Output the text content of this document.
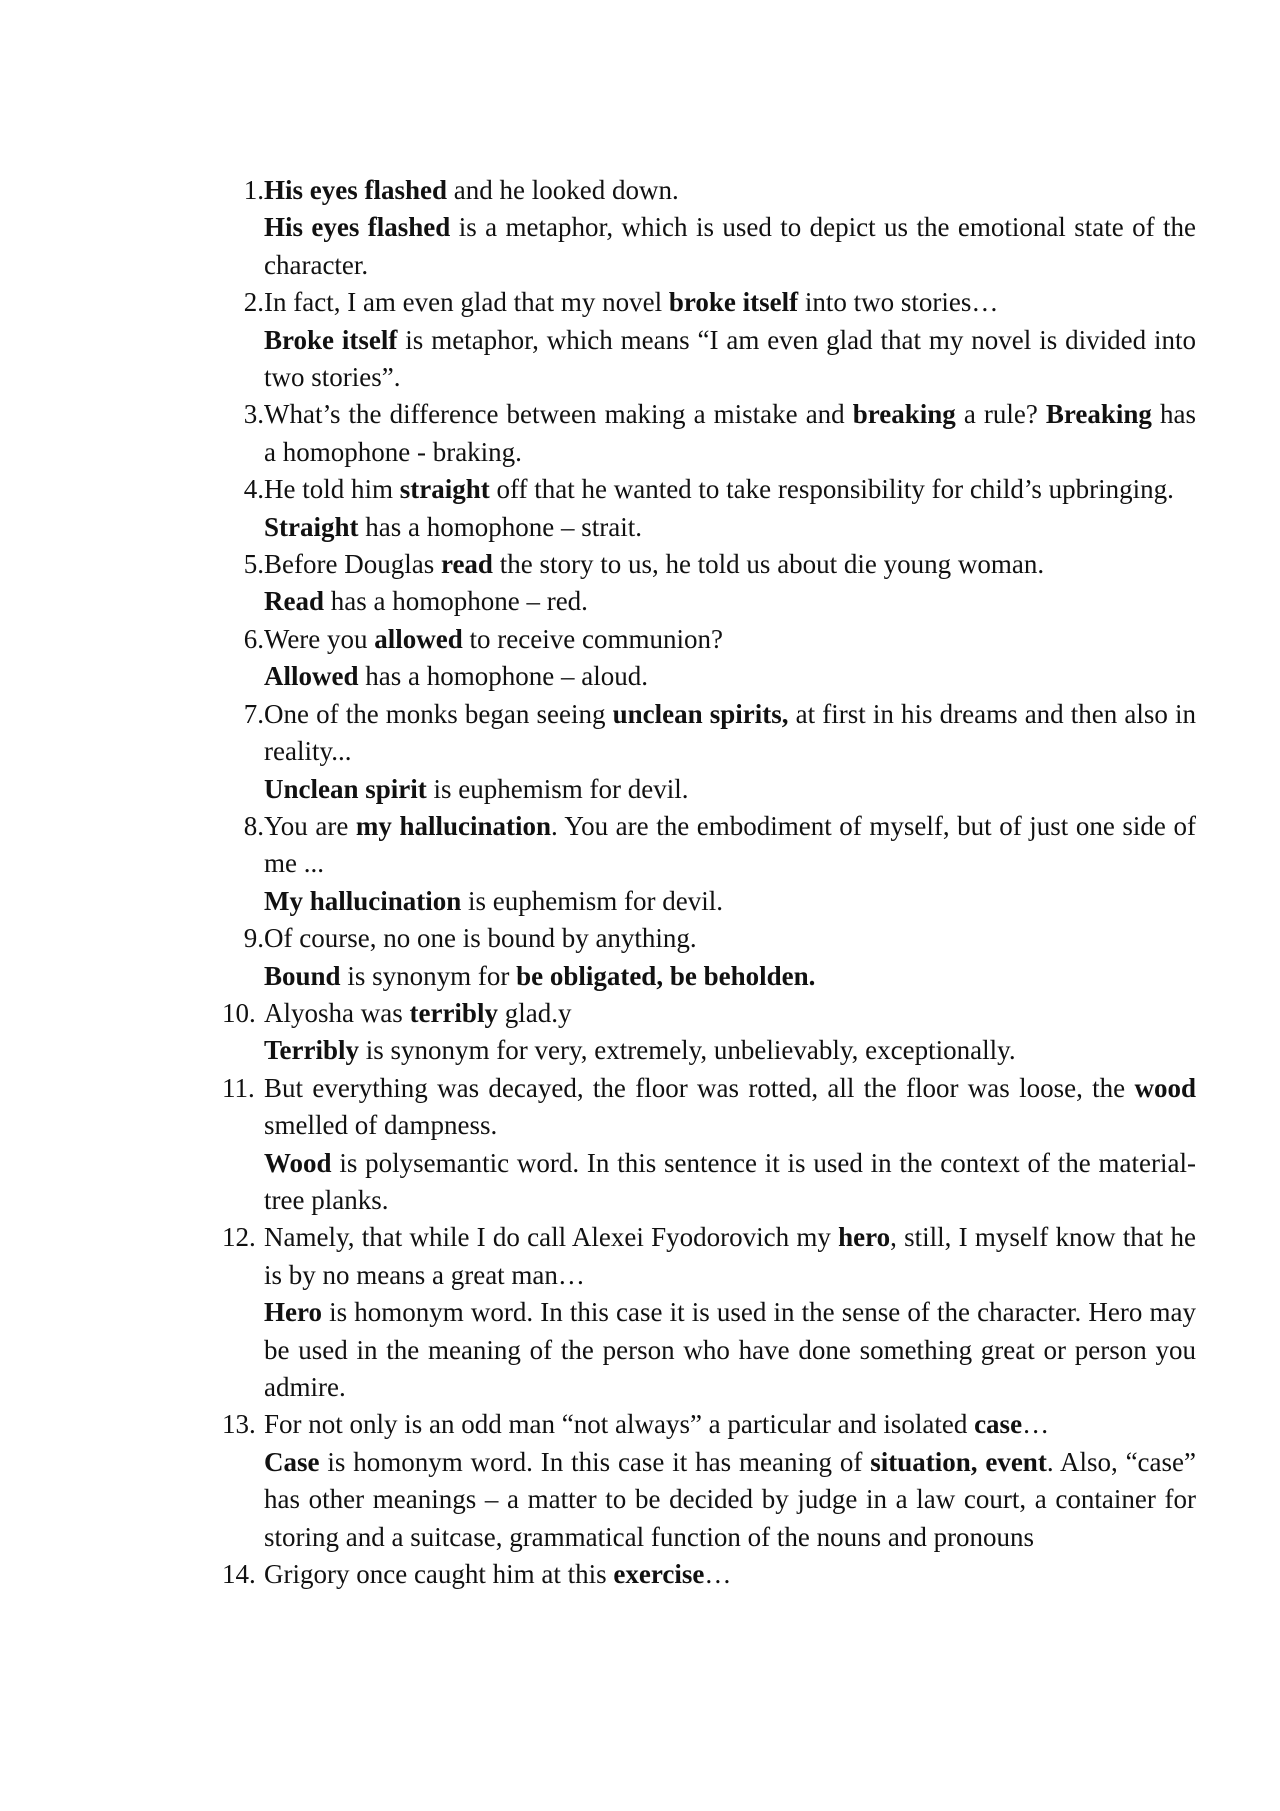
1. His eyes flashed and he looked down.

His eyes flashed is a metaphor, which is used to depict us the emotional state of the character.

2. In fact, I am even glad that my novel broke itself into two stories…

Broke itself is metaphor, which means “I am even glad that my novel is divided into two stories”.

3. What’s the difference between making a mistake and breaking a rule? Breaking has a homophone - braking.

4. He told him straight off that he wanted to take responsibility for child’s upbringing.

Straight has a homophone – strait.

5. Before Douglas read the story to us, he told us about die young woman.

Read has a homophone – red.

6. Were you allowed to receive communion?

Allowed has a homophone – aloud.

7. One of the monks began seeing unclean spirits, at first in his dreams and then also in reality...

Unclean spirit is euphemism for devil.

8. You are my hallucination. You are the embodiment of myself, but of just one side of me ...

My hallucination is euphemism for devil.

9. Of course, no one is bound by anything.

Bound is synonym for be obligated, be beholden.

10. Alyosha was terribly glad.y

Terribly is synonym for very, extremely, unbelievably, exceptionally.

11. But everything was decayed, the floor was rotted, all the floor was loose, the wood smelled of dampness.

Wood is polysemantic word. In this sentence it is used in the context of the material- tree planks.

12. Namely, that while I do call Alexei Fyodorovich my hero, still, I myself know that he is by no means a great man…

Hero is homonym word. In this case it is used in the sense of the character. Hero may be used in the meaning of the person who have done something great or person you admire.

13. For not only is an odd man “not always” a particular and isolated case…

Case is homonym word. In this case it has meaning of situation, event. Also, “case” has other meanings – a matter to be decided by judge in a law court, a container for storing and a suitcase, grammatical function of the nouns and pronouns

14. Grigory once caught him at this exercise…
